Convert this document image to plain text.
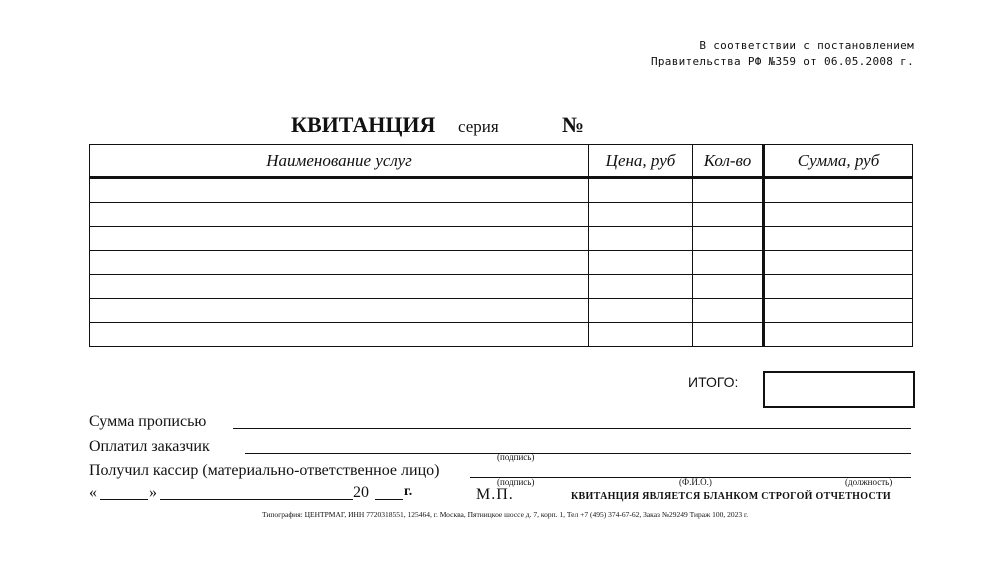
В соответствии с постановлением
Правительства РФ №359 от 06.05.2008 г.
КВИТАНЦИЯ серия	№
Наименование услуг	Цена, руб	Кол-во	Сумма, руб

ИТОГО:
Сумма прописью
Оплатил заказчик
(подпись)
Получил кассир (материально-ответственное лицо)
(подпись)	(Ф.И.О.)	(должность)
«	»	20	г.	М.П.	КВИТАНЦИЯ ЯВЛЯЕТСЯ БЛАНКОМ СТРОГОЙ ОТЧЕТНОСТИ
Типография: ЦЕНТРМАГ, ИНН 7720318551, 125464, г. Москва, Пятницкое шоссе д. 7, корп. 1, Тел +7 (495) 374-67-62, Заказ №29249 Тираж 100, 2023 г.
